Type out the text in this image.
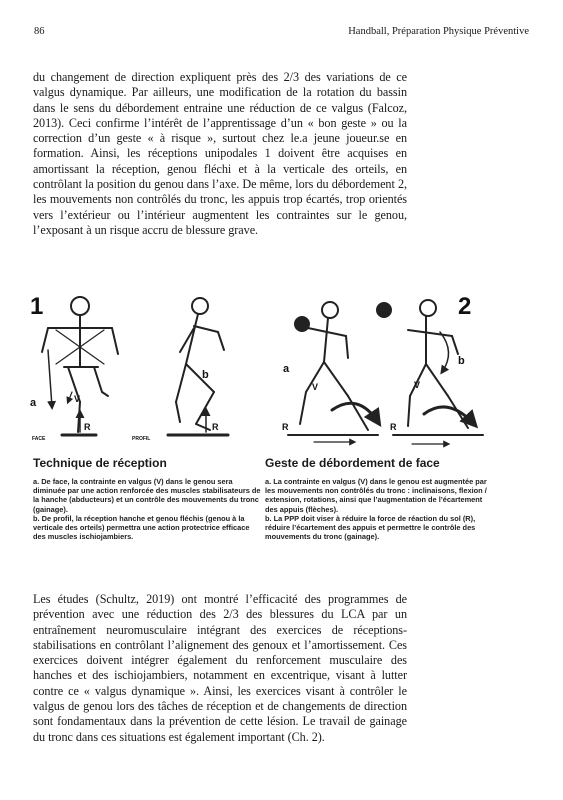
86	Handball, Préparation Physique Préventive

du changement de direction expliquent près des 2/3 des variations de ce valgus dynamique. Par ailleurs, une modification de la rotation du bassin dans le sens du débordement entraine une réduction de ce valgus (Falcoz, 2013). Ceci confirme l’intérêt de l’apprentissage d’un « bon geste » ou la correction d’un geste « à risque », surtout chez le.a jeune joueur.se en formation. Ainsi, les réceptions unipodales 1 doivent être acquises en amortissant la réception, genou fléchi et à la verticale des orteils, en contrôlant la position du genou dans l’axe. De même, lors du débordement 2, les mouvements non contrôlés du tronc, les appuis trop écartés, trop orientés vers l’extérieur ou l’intérieur augmentent les contraintes sur le genou, l’exposant à un risque accru de blessure grave.

1	2
a
b	a
b
V
V	V
R	R	R	R
FACE	PROFIL
Technique de réception	Geste de débordement de face

a. De face, la contrainte en valgus (V) dans le genou sera diminuée par une action renforcée des muscles stabilisateurs de la hanche (abducteurs) et un contrôle des mouvements du tronc (gainage).

b. De profil, la réception hanche et genou fléchis (genou à la verticale des orteils) permettra une action protectrice efficace des muscles ischiojambiers.

a. La contrainte en valgus (V) dans le genou est augmentée par les mouvements non contrôlés du tronc : inclinaisons, flexion / extension, rotations, ainsi que l’augmentation de l’écartement des appuis (flèches).

b. La PPP doit viser à réduire la force de réaction du sol (R), réduire l’écartement des appuis et permettre le contrôle des mouvements du tronc (gainage).

Les études (Schultz, 2019) ont montré l’efficacité des programmes de prévention avec une réduction des 2/3 des blessures du LCA par un entraînement neuromusculaire intégrant des exercices de réceptions-stabilisations en contrôlant l’alignement des genoux et l’amortissement. Ces exercices doivent intégrer également du renforcement musculaire des hanches et des ischiojambiers, notamment en excentrique, visant à lutter contre ce « valgus dynamique ». Ainsi, les exercices visant à contrôler le valgus de genou lors des tâches de réception et de changements de direction sont fondamentaux dans la prévention de cette lésion. Le travail de gainage du tronc dans ces situations est également important (Ch. 2).
